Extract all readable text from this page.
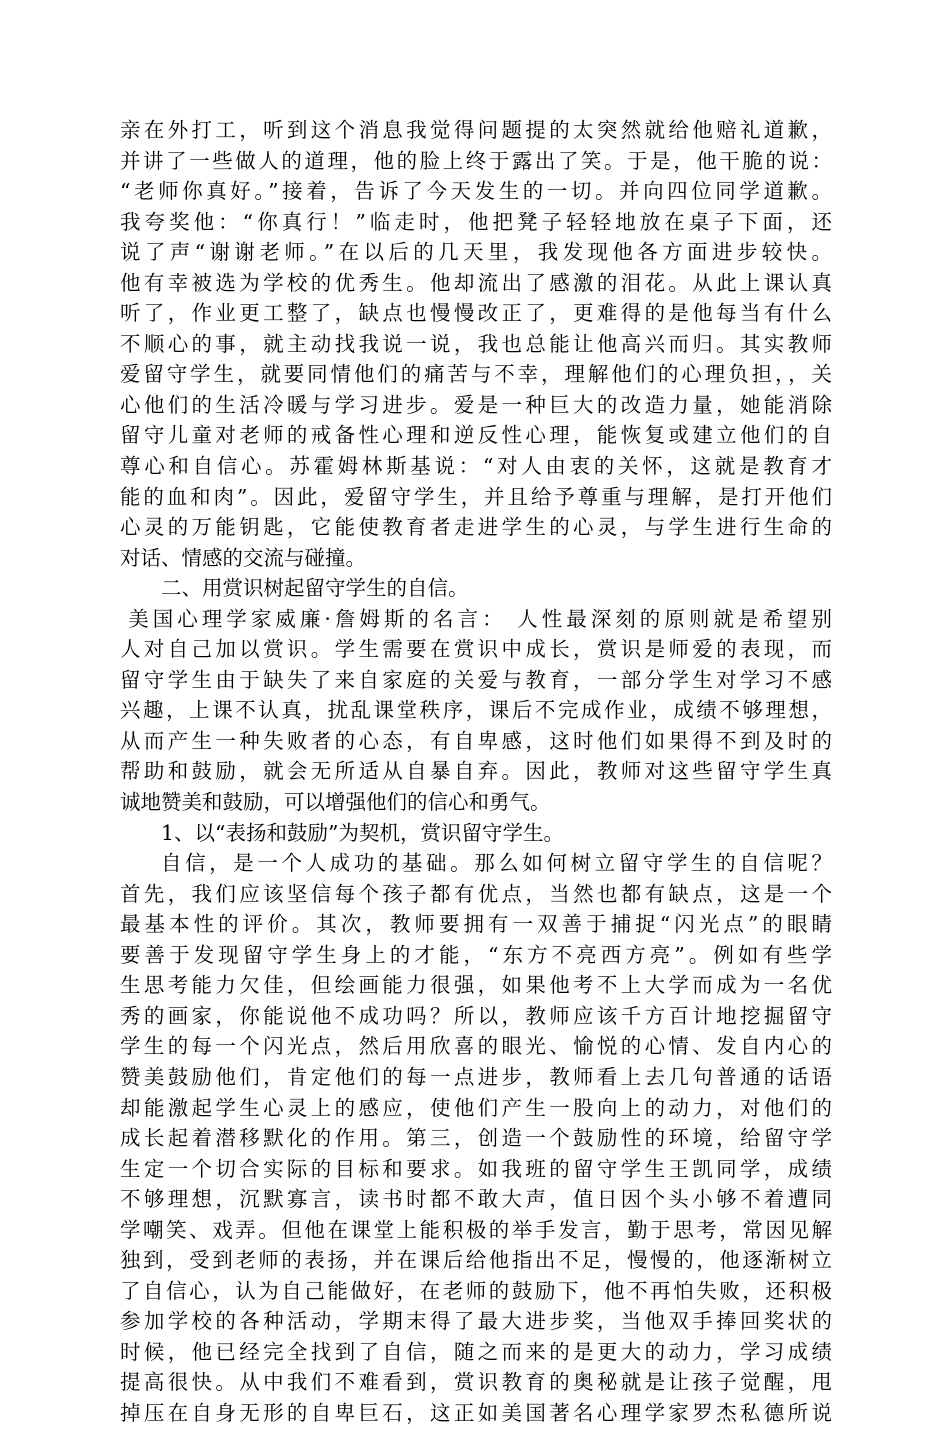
亲在外打工，听到这个消息我觉得问题提的太突然就给他赔礼道歉，
并讲了一些做人的道理，他的脸上终于露出了笑。于是，他干脆的说：
“老师你真好。”接着，告诉了今天发生的一切。并向四位同学道歉。
我夸奖他：“你真行！”临走时，他把凳子轻轻地放在桌子下面，还
说了声“谢谢老师。”在以后的几天里，我发现他各方面进步较快。
他有幸被选为学校的优秀生。他却流出了感激的泪花。从此上课认真
听了，作业更工整了，缺点也慢慢改正了，更难得的是他每当有什么
不顺心的事，就主动找我说一说，我也总能让他高兴而归。其实教师
爱留守学生，就要同情他们的痛苦与不幸，理解他们的心理负担，，关
心他们的生活冷暖与学习进步。爱是一种巨大的改造力量，她能消除
留守儿童对老师的戒备性心理和逆反性心理，能恢复或建立他们的自
尊心和自信心。苏霍姆林斯基说：“对人由衷的关怀，这就是教育才
能的血和肉”。因此，爱留守学生，并且给予尊重与理解，是打开他们
心灵的万能钥匙，它能使教育者走进学生的心灵，与学生进行生命的
对话、情感的交流与碰撞。

二、用赏识树起留守学生的自信。

美国心理学家威廉·詹姆斯的名言： 人性最深刻的原则就是希望别
人对自己加以赏识。学生需要在赏识中成长，赏识是师爱的表现，而
留守学生由于缺失了来自家庭的关爱与教育，一部分学生对学习不感
兴趣，上课不认真，扰乱课堂秩序，课后不完成作业，成绩不够理想，
从而产生一种失败者的心态，有自卑感，这时他们如果得不到及时的
帮助和鼓励，就会无所适从自暴自弃。因此，教师对这些留守学生真
诚地赞美和鼓励，可以增强他们的信心和勇气。

1、以“表扬和鼓励”为契机，赏识留守学生。

自信，是一个人成功的基础。那么如何树立留守学生的自信呢？
首先，我们应该坚信每个孩子都有优点，当然也都有缺点，这是一个
最基本性的评价。其次，教师要拥有一双善于捕捉“闪光点”的眼睛
要善于发现留守学生身上的才能，“东方不亮西方亮”。例如有些学
生思考能力欠佳，但绘画能力很强，如果他考不上大学而成为一名优
秀的画家，你能说他不成功吗？所以，教师应该千方百计地挖掘留守
学生的每一个闪光点，然后用欣喜的眼光、愉悦的心情、发自内心的
赞美鼓励他们，肯定他们的每一点进步，教师看上去几句普通的话语
却能激起学生心灵上的感应，使他们产生一股向上的动力，对他们的
成长起着潜移默化的作用。第三，创造一个鼓励性的环境，给留守学
生定一个切合实际的目标和要求。如我班的留守学生王凯同学，成绩
不够理想，沉默寡言，读书时都不敢大声，值日因个头小够不着遭同
学嘲笑、戏弄。但他在课堂上能积极的举手发言，勤于思考，常因见解
独到，受到老师的表扬，并在课后给他指出不足，慢慢的，他逐渐树立
了自信心，认为自己能做好，在老师的鼓励下，他不再怕失败，还积极
参加学校的各种活动，学期末得了最大进步奖，当他双手捧回奖状的
时候，他已经完全找到了自信，随之而来的是更大的动力，学习成绩
提高很快。从中我们不难看到，赏识教育的奥秘就是让孩子觉醒，甩
掉压在自身无形的自卑巨石，这正如美国著名心理学家罗杰私德所说
